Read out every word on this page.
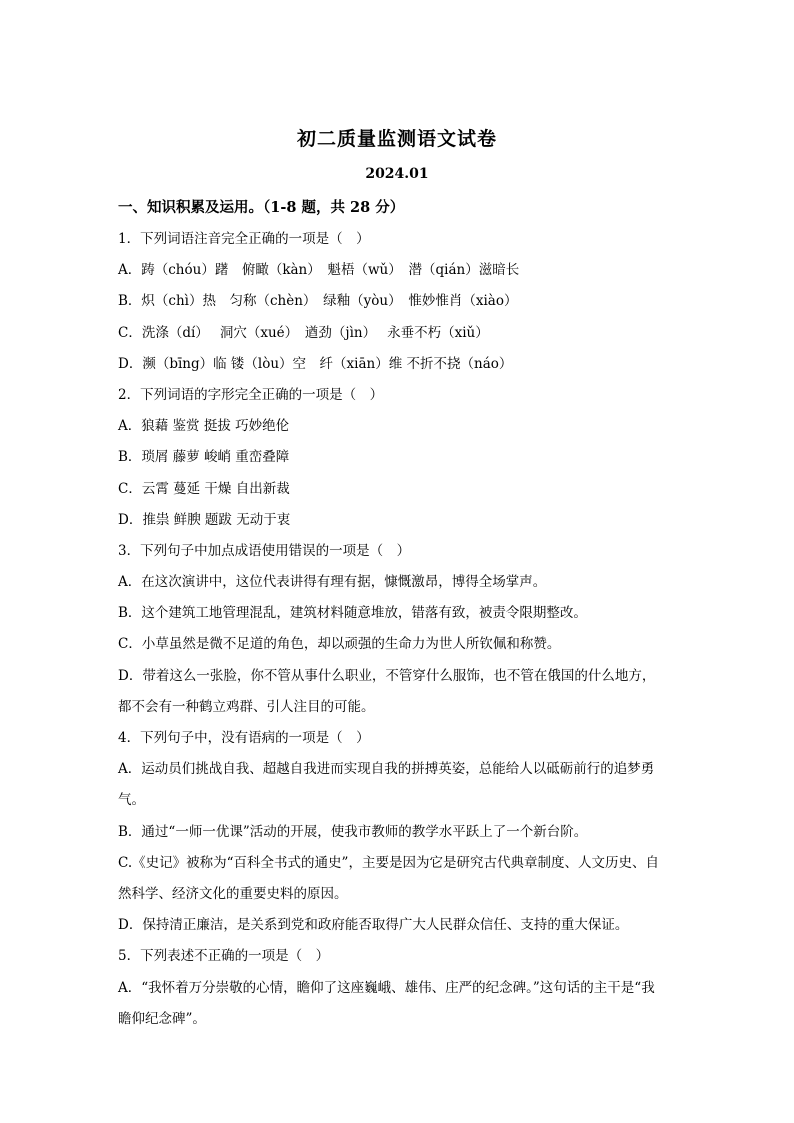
初二质量监测语文试卷
2024.01
一、知识积累及运用。（1-8 题，共 28 分）
1．下列词语注音完全正确的一项是（　）
A．踌（chóu）躇　俯瞰（kàn）　魁梧（wǔ）　潜（qián）滋暗长
B．炽（chì）热　匀称（chèn）　绿釉（yòu）　惟妙惟肖（xiào）
C．洗涤（dí）　 洞穴（xué）　遒劲（jìn）　 永垂不朽（xiǔ）
D．濒（bīng）临 镂（lòu）空　纤（xiān）维 不折不挠（náo）
2．下列词语的字形完全正确的一项是（　）
A．狼藉 鉴赏 挺拔 巧妙绝伦
B．琐屑 藤萝 峻峭 重峦叠障
C．云霄 蔓延 干燥 自出新裁
D．推祟 鲜腴 题跋 无动于衷
3．下列句子中加点成语使用错误的一项是（　）
A．在这次演讲中，这位代表讲得有理有据，慷慨激昂，博得全场掌声。
B．这个建筑工地管理混乱，建筑材料随意堆放，错落有致，被责令限期整改。
C．小草虽然是微不足道的角色，却以顽强的生命力为世人所钦佩和称赞。
D．带着这么一张脸，你不管从事什么职业，不管穿什么服饰，也不管在俄国的什么地方，
都不会有一种鹤立鸡群、引人注目的可能。
4．下列句子中，没有语病的一项是（　）
A．运动员们挑战自我、超越自我进而实现自我的拼搏英姿，总能给人以砥砺前行的追梦勇
气。
B．通过“一师一优课”活动的开展，使我市教师的教学水平跃上了一个新台阶。
C.《史记》被称为“百科全书式的通史”，主要是因为它是研究古代典章制度、人文历史、自
然科学、经济文化的重要史料的原因。
D．保持清正廉洁，是关系到党和政府能否取得广大人民群众信任、支持的重大保证。
5．下列表述不正确的一项是（　）
A．“我怀着万分崇敬的心情，瞻仰了这座巍峨、雄伟、庄严的纪念碑。”这句话的主干是“我
瞻仰纪念碑”。
